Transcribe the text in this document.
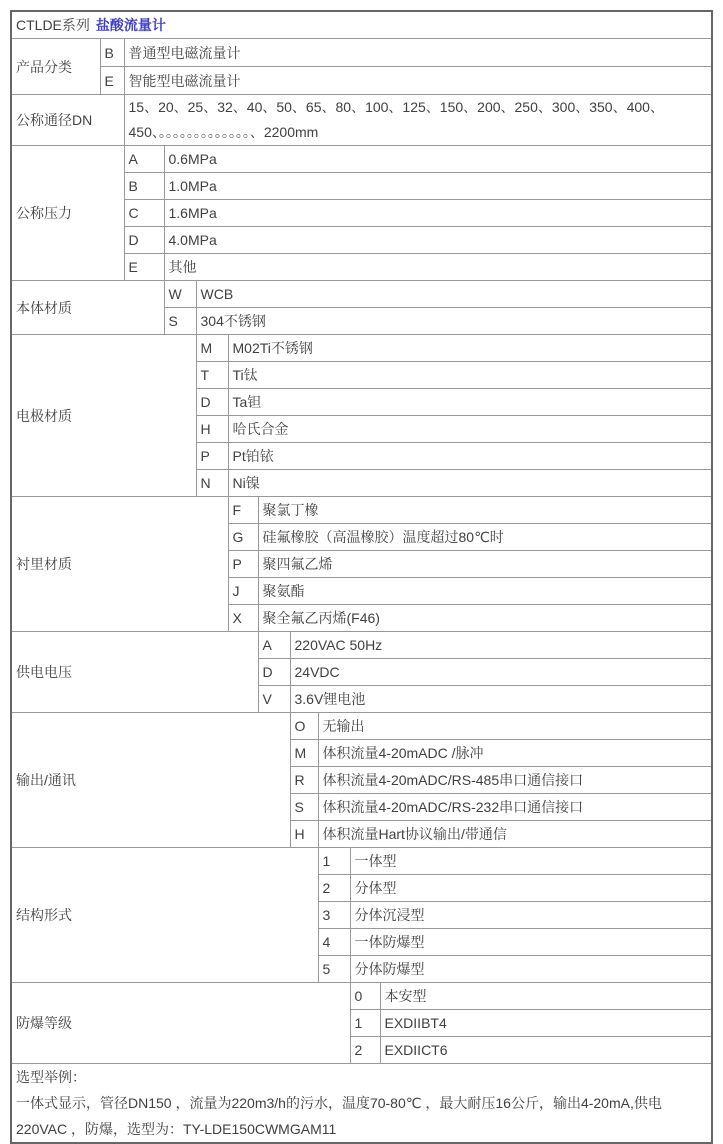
CTLDE系列 盐酸流量计										
产品分类	B	普通型电磁流量计								
	E	智能型电磁流量计								
公称通径DN		15、20、25、32、40、50、65、80、100、125、150、200、250、300、350、400、
450、。。。。。。。。。。。。。、2200mm								

公称压力		A	0.6MPa							
		B	1.0MPa							
		C	1.6MPa							
		D	4.0MPa							
		E	其他							
本体材质			W	WCB						
			S	304不锈钢						
电极材质				M	M02Ti不锈钢					
				T	Ti钛					
				D	Ta钽					
				H	哈氏合金					
				P	Pt铂铱					
				N	Ni镍					
衬里材质					F	聚氯丁橡				
					G	硅氟橡胶（高温橡胶）温度超过80℃时				
					P	聚四氟乙烯				
					J	聚氨酯				
					X	聚全氟乙丙烯(F46)				
供电电压						A	220VAC 50Hz			
						D	24VDC			
						V	3.6V锂电池			
输出/通讯							O	无输出		
							M	体积流量4-20mADC /脉冲		
							R	体积流量4-20mADC/RS-485串口通信接口		
							S	体积流量4-20mADC/RS-232串口通信接口		
							H	体积流量Hart协议输出/带通信		
结构形式								1	一体型	
								2	分体型	
								3	分体沉浸型	
								4	一体防爆型	
								5	分体防爆型	
防爆等级									0	本安型
									1	EXDIIBT4
									2	EXDIICT6

选型举例：
一体式显示，管径DN150 ，流量为220m3/h的污水，温度70-80℃ ，最大耐压16公斤，输出4-20mA,供电220VAC ，防爆，选型为：TY-LDE150CWMGAM11										
